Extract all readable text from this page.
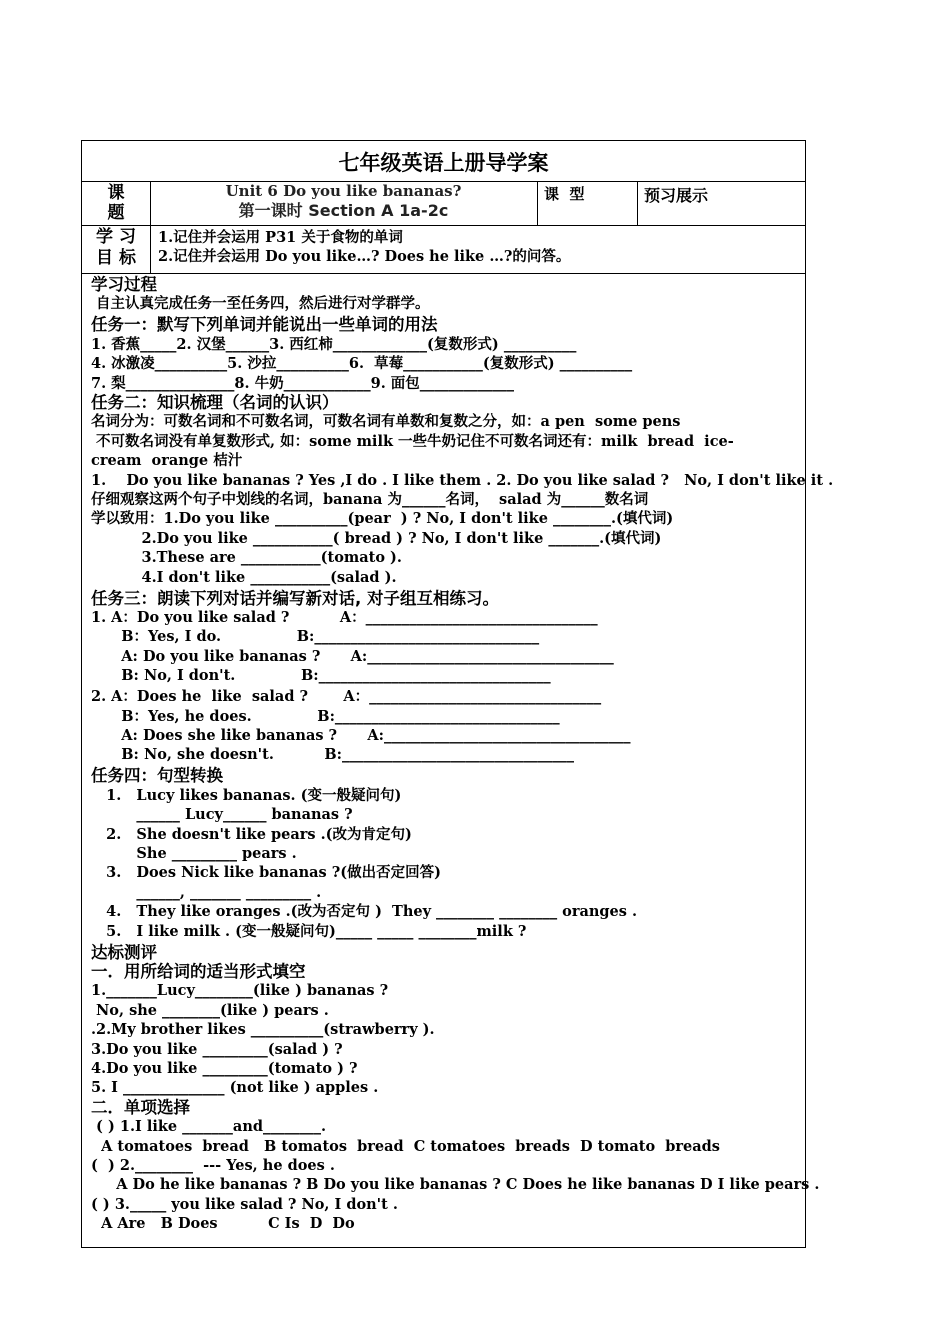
七年级英语上册导学案
课
题
Unit 6 Do you like bananas?
第一课时 Section A 1a-2c
课  型	预习展示
学 习
目 标
1.记住并会运用 P31 关于食物的单词
2.记住并会运用 Do you like…? Does he like …?的问答。
学习过程
自主认真完成任务一至任务四，然后进行对学群学。
任务一：默写下列单词并能说出一些单词的用法
1. 香蕉_____2. 汉堡______3. 西红柿_____________(复数形式) __________
4. 冰激凌__________5. 沙拉__________6.  草莓___________(复数形式) __________
7. 梨_______________8. 牛奶____________9. 面包_____________
任务二：知识梳理（名词的认识）
名词分为：可数名词和不可数名词，可数名词有单数和复数之分，如：a pen  some pens
不可数名词没有单复数形式, 如：some milk 一些牛奶记住不可数名词还有：milk  bread  ice-
cream  orange 桔汁
1.    Do you like bananas ? Yes ,I do . I like them . 2. Do you like salad ?   No, I don't like it .
仔细观察这两个句子中划线的名词，banana 为______名词，  salad 为______数名词
学以致用：1.Do you like __________(pear  ) ? No, I don't like ________.(填代词)
2.Do you like ___________( bread ) ? No, I don't like _______.(填代词)
3.These are ___________(tomato ).
4.I don't like ___________(salad ).
任务三：朗读下列对话并编写新对话, 对子组互相练习。
1. A：Do you like salad ?          A：________________________________
B：Yes, I do.               B:_______________________________
A: Do you like bananas ?      A:__________________________________
B: No, I don't.             B:________________________________
2. A：Does he  like  salad ?       A：________________________________
B：Yes, he does.             B:_______________________________
A: Does she like bananas ?      A:__________________________________
B: No, she doesn't.          B:________________________________
任务四：句型转换
1.   Lucy likes bananas. (变一般疑问句)
______ Lucy______ bananas ?
2.   She doesn't like pears .(改为肯定句)
She _________ pears .
3.   Does Nick like bananas ?(做出否定回答)
______, _______ _________ .
4.   They like oranges .(改为否定句 )  They ________ ________ oranges .
5.   I like milk . (变一般疑问句)_____ _____ ________milk ?
达标测评
一．用所给词的适当形式填空
1._______Lucy________(like ) bananas ?
No, she ________(like ) pears .
.2.My brother likes __________(strawberry ).
3.Do you like _________(salad ) ?
4.Do you like _________(tomato ) ?
5. I ______________ (not like ) apples .
二．单项选择
( ) 1.I like _______and________.
A tomatoes  bread   B tomatos  bread  C tomatoes  breads  D tomato  breads
(  ) 2.________  --- Yes, he does .
A Do he like bananas ? B Do you like bananas ? C Does he like bananas D I like pears .
( ) 3._____ you like salad ? No, I don't .
A Are   B Does          C Is  D  Do
